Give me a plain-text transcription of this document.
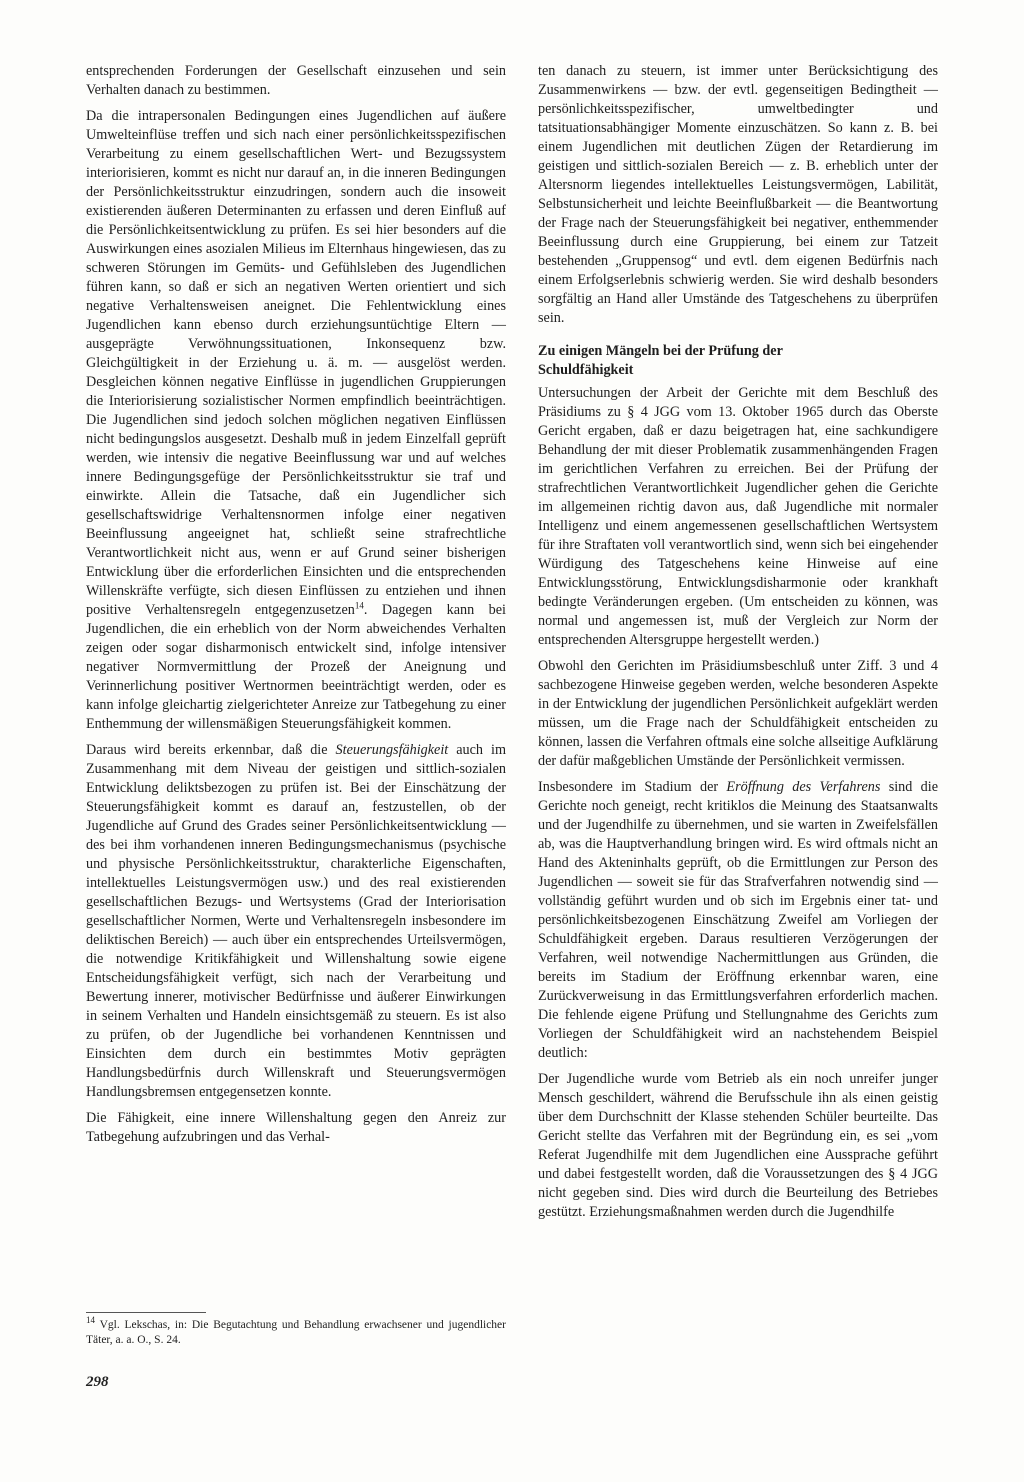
entsprechenden Forderungen der Gesellschaft einzusehen und sein Verhalten danach zu bestimmen.

Da die intrapersonalen Bedingungen eines Jugendlichen auf äußere Umwelteinflüse treffen und sich nach einer persönlichkeitsspezifischen Verarbeitung zu einem gesellschaftlichen Wert- und Bezugssystem interiorisieren, kommt es nicht nur darauf an, in die inneren Bedingungen der Persönlichkeitsstruktur einzudringen, sondern auch die insoweit existierenden äußeren Determinanten zu erfassen und deren Einfluß auf die Persönlichkeitsentwicklung zu prüfen. Es sei hier besonders auf die Auswirkungen eines asozialen Milieus im Elternhaus hingewiesen, das zu schweren Störungen im Gemüts- und Gefühlsleben des Jugendlichen führen kann, so daß er sich an negativen Werten orientiert und sich negative Verhaltensweisen aneignet. Die Fehlentwicklung eines Jugendlichen kann ebenso durch erziehungsuntüchtige Eltern — ausgeprägte Verwöhnungssituationen, Inkonsequenz bzw. Gleichgültigkeit in der Erziehung u. ä. m. — ausgelöst werden. Desgleichen können negative Einflüsse in jugendlichen Gruppierungen die Interiorisierung sozialistischer Normen empfindlich beeinträchtigen. Die Jugendlichen sind jedoch solchen möglichen negativen Einflüssen nicht bedingungslos ausgesetzt. Deshalb muß in jedem Einzelfall geprüft werden, wie intensiv die negative Beeinflussung war und auf welches innere Bedingungsgefüge der Persönlichkeitsstruktur sie traf und einwirkte. Allein die Tatsache, daß ein Jugendlicher sich gesellschaftswidrige Verhaltensnormen infolge einer negativen Beeinflussung angeeignet hat, schließt seine strafrechtliche Verantwortlichkeit nicht aus, wenn er auf Grund seiner bisherigen Entwicklung über die erforderlichen Einsichten und die entsprechenden Willenskräfte verfügte, sich diesen Einflüssen zu entziehen und ihnen positive Verhaltensregeln entgegenzusetzen$^{14}$. Dagegen kann bei Jugendlichen, die ein erheblich von der Norm abweichendes Verhalten zeigen oder sogar disharmonisch entwickelt sind, infolge intensiver negativer Normvermittlung der Prozeß der Aneignung und Verinnerlichung positiver Wertnormen beeinträchtigt werden, oder es kann infolge gleichartig zielgerichteter Anreize zur Tatbegehung zu einer Enthemmung der willensmäßigen Steuerungsfähigkeit kommen.

Daraus wird bereits erkennbar, daß die Steuerungsfähigkeit auch im Zusammenhang mit dem Niveau der geistigen und sittlich-sozialen Entwicklung deliktsbezogen zu prüfen ist. Bei der Einschätzung der Steuerungsfähigkeit kommt es darauf an, festzustellen, ob der Jugendliche auf Grund des Grades seiner Persönlichkeitsentwicklung — des bei ihm vorhandenen inneren Bedingungsmechanismus (psychische und physische Persönlichkeitsstruktur, charakterliche Eigenschaften, intellektuelles Leistungsvermögen usw.) und des real existierenden gesellschaftlichen Bezugs- und Wertsystems (Grad der Interiorisation gesellschaftlicher Normen, Werte und Verhaltensregeln insbesondere im deliktischen Bereich) — auch über ein entsprechendes Urteilsvermögen, die notwendige Kritikfähigkeit und Willenshaltung sowie eigene Entscheidungsfähigkeit verfügt, sich nach der Verarbeitung und Bewertung innerer, motivischer Bedürfnisse und äußerer Einwirkungen in seinem Verhalten und Handeln einsichtsgemäß zu steuern. Es ist also zu prüfen, ob der Jugendliche bei vorhandenen Kenntnissen und Einsichten dem durch ein bestimmtes Motiv geprägten Handlungsbedürfnis durch Willenskraft und Steuerungsvermögen Handlungsbremsen entgegensetzen konnte.

Die Fähigkeit, eine innere Willenshaltung gegen den Anreiz zur Tatbegehung aufzubringen und das Verhal-

ten danach zu steuern, ist immer unter Berücksichtigung des Zusammenwirkens — bzw. der evtl. gegenseitigen Bedingtheit — persönlichkeitsspezifischer, umweltbedingter und tatsituationsabhängiger Momente einzuschätzen. So kann z. B. bei einem Jugendlichen mit deutlichen Zügen der Retardierung im geistigen und sittlich-sozialen Bereich — z. B. erheblich unter der Altersnorm liegendes intellektuelles Leistungsvermögen, Labilität, Selbstunsicherheit und leichte Beeinflußbarkeit — die Beantwortung der Frage nach der Steuerungsfähigkeit bei negativer, enthemmender Beeinflussung durch eine Gruppierung, bei einem zur Tatzeit bestehenden „Gruppensog“ und evtl. dem eigenen Bedürfnis nach einem Erfolgserlebnis schwierig werden. Sie wird deshalb besonders sorgfältig an Hand aller Umstände des Tatgeschehens zu überprüfen sein.

Zu einigen Mängeln bei der Prüfung der Schuldfähigkeit

Untersuchungen der Arbeit der Gerichte mit dem Beschluß des Präsidiums zu § 4 JGG vom 13. Oktober 1965 durch das Oberste Gericht ergaben, daß er dazu beigetragen hat, eine sachkundigere Behandlung der mit dieser Problematik zusammenhängenden Fragen im gerichtlichen Verfahren zu erreichen. Bei der Prüfung der strafrechtlichen Verantwortlichkeit Jugendlicher gehen die Gerichte im allgemeinen richtig davon aus, daß Jugendliche mit normaler Intelligenz und einem angemessenen gesellschaftlichen Wertsystem für ihre Straftaten voll verantwortlich sind, wenn sich bei eingehender Würdigung des Tatgeschehens keine Hinweise auf eine Entwicklungsstörung, Entwicklungsdisharmonie oder krankhaft bedingte Veränderungen ergeben. (Um entscheiden zu können, was normal und angemessen ist, muß der Vergleich zur Norm der entsprechenden Altersgruppe hergestellt werden.)

Obwohl den Gerichten im Präsidiumsbeschluß unter Ziff. 3 und 4 sachbezogene Hinweise gegeben werden, welche besonderen Aspekte in der Entwicklung der jugendlichen Persönlichkeit aufgeklärt werden müssen, um die Frage nach der Schuldfähigkeit entscheiden zu können, lassen die Verfahren oftmals eine solche allseitige Aufklärung der dafür maßgeblichen Umstände der Persönlichkeit vermissen.

Insbesondere im Stadium der Eröffnung des Verfahrens sind die Gerichte noch geneigt, recht kritiklos die Meinung des Staatsanwalts und der Jugendhilfe zu übernehmen, und sie warten in Zweifelsfällen ab, was die Hauptverhandlung bringen wird. Es wird oftmals nicht an Hand des Akteninhalts geprüft, ob die Ermittlungen zur Person des Jugendlichen — soweit sie für das Strafverfahren notwendig sind — vollständig geführt wurden und ob sich im Ergebnis einer tat- und persönlichkeitsbezogenen Einschätzung Zweifel am Vorliegen der Schuldfähigkeit ergeben. Daraus resultieren Verzögerungen der Verfahren, weil notwendige Nachermittlungen aus Gründen, die bereits im Stadium der Eröffnung erkennbar waren, eine Zurückverweisung in das Ermittlungsverfahren erforderlich machen. Die fehlende eigene Prüfung und Stellungnahme des Gerichts zum Vorliegen der Schuldfähigkeit wird an nachstehendem Beispiel deutlich:

Der Jugendliche wurde vom Betrieb als ein noch unreifer junger Mensch geschildert, während die Berufsschule ihn als einen geistig über dem Durchschnitt der Klasse stehenden Schüler beurteilte. Das Gericht stellte das Verfahren mit der Begründung ein, es sei „vom Referat Jugendhilfe mit dem Jugendlichen eine Aussprache geführt und dabei festgestellt worden, daß die Voraussetzungen des § 4 JGG nicht gegeben sind. Dies wird durch die Beurteilung des Betriebes gestützt. Erziehungsmaßnahmen werden durch die Jugendhilfe

$^{14}$ Vgl. Lekschas, in: Die Begutachtung und Behandlung erwachsener und jugendlicher Täter, a. a. O., S. 24.
298
